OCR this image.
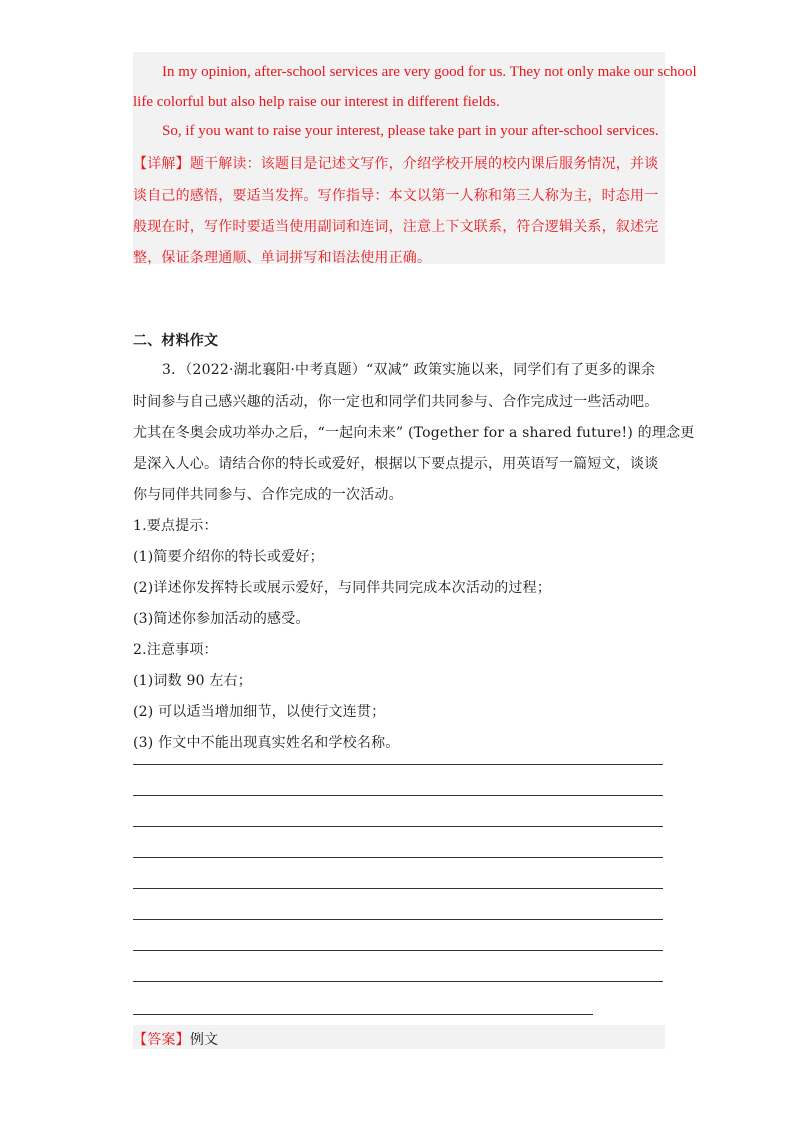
In my opinion, after-school services are very good for us. They not only make our school
life colorful but also help raise our interest in different fields.
So, if you want to raise your interest, please take part in your after-school services.
【详解】题干解读：该题目是记述文写作，介绍学校开展的校内课后服务情况，并谈
谈自己的感悟，要适当发挥。写作指导：本文以第一人称和第三人称为主，时态用一
般现在时，写作时要适当使用副词和连词，注意上下文联系，符合逻辑关系，叙述完
整，保证条理通顺、单词拼写和语法使用正确。
二、材料作文
3．（2022·湖北襄阳·中考真题）“双减” 政策实施以来，同学们有了更多的课余
时间参与自己感兴趣的活动，你一定也和同学们共同参与、合作完成过一些活动吧。
尤其在冬奥会成功举办之后，“一起向未来” (Together for a shared future!) 的理念更
是深入人心。请结合你的特长或爱好，根据以下要点提示，用英语写一篇短文，谈谈
你与同伴共同参与、合作完成的一次活动。
1.要点提示：
(1)简要介绍你的特长或爱好；
(2)详述你发挥特长或展示爱好，与同伴共同完成本次活动的过程；
(3)简述你参加活动的感受。
2.注意事项：
(1)词数 90 左右；
(2) 可以适当增加细节，以使行文连贯；
(3) 作文中不能出现真实姓名和学校名称。
【答案】例文
